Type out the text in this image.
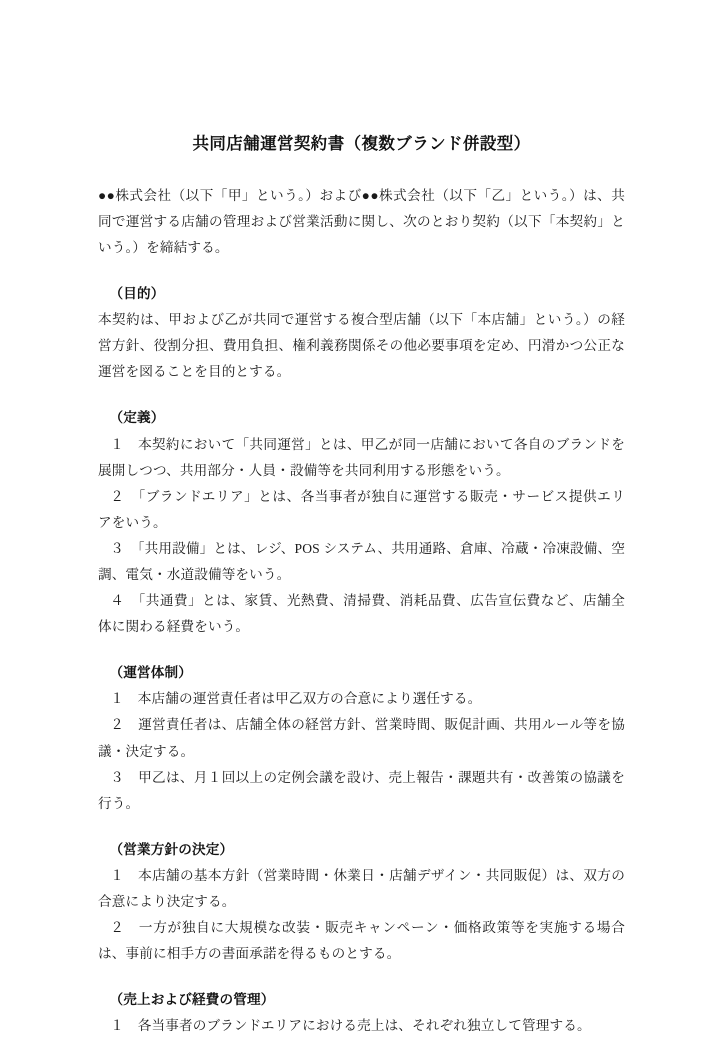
共同店舗運営契約書（複数ブランド併設型）

●●株式会社（以下「甲」という。）および●●株式会社（以下「乙」という。）は、共同で運営する店舗の管理および営業活動に関し、次のとおり契約（以下「本契約」という。）を締結する。

（目的）

本契約は、甲および乙が共同で運営する複合型店舗（以下「本店舗」という。）の経営方針、役割分担、費用負担、権利義務関係その他必要事項を定め、円滑かつ公正な運営を図ることを目的とする。

（定義）

１　本契約において「共同運営」とは、甲乙が同一店舗において各自のブランドを展開しつつ、共用部分・人員・設備等を共同利用する形態をいう。
２　「ブランドエリア」とは、各当事者が独自に運営する販売・サービス提供エリアをいう。
３　「共用設備」とは、レジ、POS システム、共用通路、倉庫、冷蔵・冷凍設備、空調、電気・水道設備等をいう。
４　「共通費」とは、家賃、光熱費、清掃費、消耗品費、広告宣伝費など、店舗全体に関わる経費をいう。

（運営体制）

１　本店舗の運営責任者は甲乙双方の合意により選任する。
２　運営責任者は、店舗全体の経営方針、営業時間、販促計画、共用ルール等を協議・決定する。
３　甲乙は、月１回以上の定例会議を設け、売上報告・課題共有・改善策の協議を行う。

（営業方針の決定）

１　本店舗の基本方針（営業時間・休業日・店舗デザイン・共同販促）は、双方の合意により決定する。
２　一方が独自に大規模な改装・販売キャンペーン・価格政策等を実施する場合は、事前に相手方の書面承諾を得るものとする。

（売上および経費の管理）

１　各当事者のブランドエリアにおける売上は、それぞれ独立して管理する。
